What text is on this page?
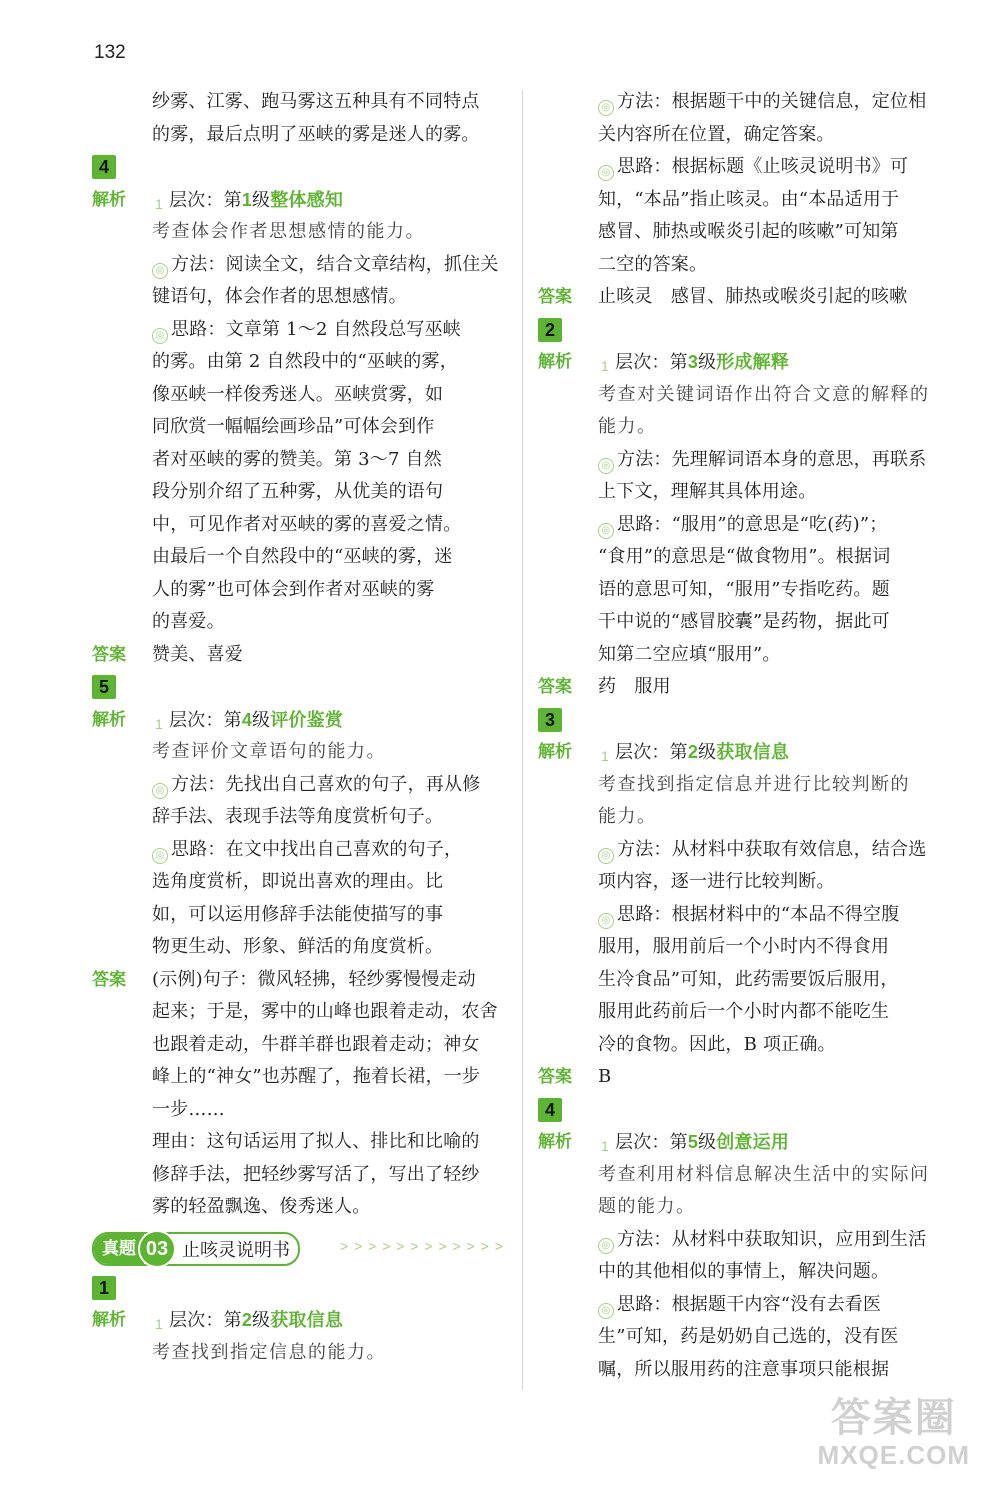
132
纱雾、江雾、跑马雾这五种具有不同特点
的雾，最后点明了巫峡的雾是迷人的雾。
4
解析 1 层次：第1级整体感知
考查体会作者思想感情的能力。
◎ 方法：阅读全文，结合文章结构，抓住关
键语句，体会作者的思想感情。
◎ 思路：文章第 1～2 自然段总写巫峡
的雾。由第 2 自然段中的“巫峡的雾，
像巫峡一样俊秀迷人。巫峡赏雾，如
同欣赏一幅幅绘画珍品”可体会到作
者对巫峡的雾的赞美。第 3～7 自然
段分别介绍了五种雾，从优美的语句
中，可见作者对巫峡的雾的喜爱之情。
由最后一个自然段中的“巫峡的雾，迷
人的雾”也可体会到作者对巫峡的雾
的喜爱。
答案 赞美、喜爱
5
解析 1 层次：第4级评价鉴赏
考查评价文章语句的能力。
◎ 方法：先找出自己喜欢的句子，再从修
辞手法、表现手法等角度赏析句子。
◎ 思路：在文中找出自己喜欢的句子，
选角度赏析，即说出喜欢的理由。比
如，可以运用修辞手法能使描写的事
物更生动、形象、鲜活的角度赏析。
答案 (示例)句子：微风轻拂，轻纱雾慢慢走动
起来；于是，雾中的山峰也跟着走动，农舍
也跟着走动，牛群羊群也跟着走动；神女
峰上的“神女”也苏醒了，拖着长裙，一步
一步……
理由：这句话运用了拟人、排比和比喻的
修辞手法，把轻纱雾写活了，写出了轻纱
雾的轻盈飘逸、俊秀迷人。
真题 03 止咳灵说明书	> > > > > > > > > > > >
1
解析 1 层次：第2级获取信息
考查找到指定信息的能力。
◎ 方法：根据题干中的关键信息，定位相
关内容所在位置，确定答案。
◎ 思路：根据标题《止咳灵说明书》可
知，“本品”指止咳灵。由“本品适用于
感冒、肺热或喉炎引起的咳嗽”可知第
二空的答案。
答案 止咳灵　感冒、肺热或喉炎引起的咳嗽
2
解析 1 层次：第3级形成解释
考查对关键词语作出符合文意的解释的
能力。
◎ 方法：先理解词语本身的意思，再联系
上下文，理解其具体用途。
◎ 思路：“服用”的意思是“吃(药)”；
“食用”的意思是“做食物用”。根据词
语的意思可知，“服用”专指吃药。题
干中说的“感冒胶囊”是药物，据此可
知第二空应填“服用”。
答案 药　服用
3
解析 1 层次：第2级获取信息
考查找到指定信息并进行比较判断的
能力。
◎ 方法：从材料中获取有效信息，结合选
项内容，逐一进行比较判断。
◎ 思路：根据材料中的“本品不得空腹
服用，服用前后一个小时内不得食用
生冷食品”可知，此药需要饭后服用，
服用此药前后一个小时内都不能吃生
冷的食物。因此，B 项正确。
答案 B
4
解析 1 层次：第5级创意运用
考查利用材料信息解决生活中的实际问
题的能力。
◎ 方法：从材料中获取知识，应用到生活
中的其他相似的事情上，解决问题。
◎ 思路：根据题干内容“没有去看医
生”可知，药是奶奶自己选的，没有医
嘱，所以服用药的注意事项只能根据
答案圈
MXQE.COM
